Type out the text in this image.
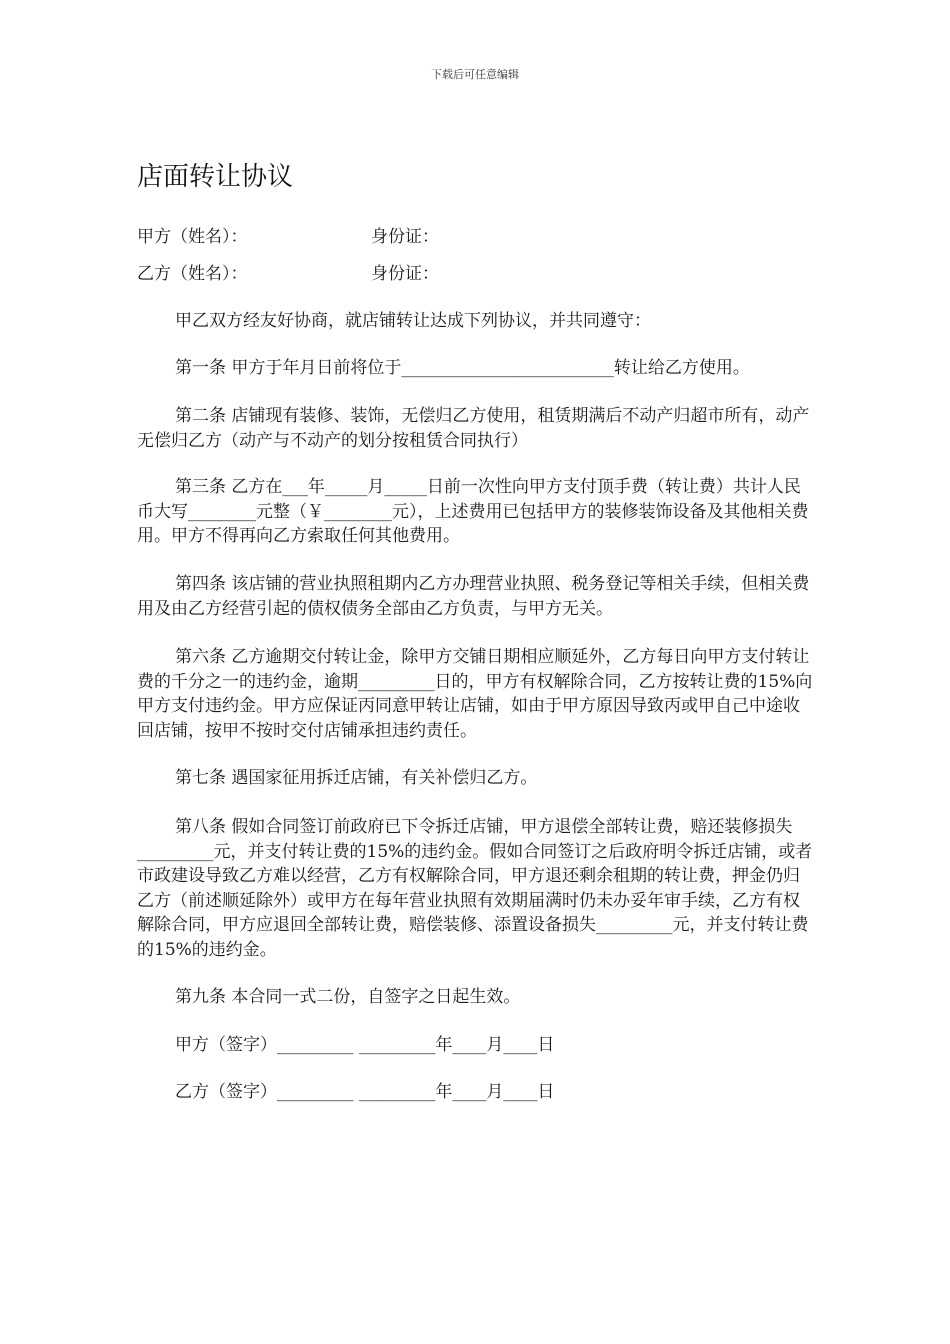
下载后可任意编辑
店面转让协议
甲方（姓名）：	身份证：
乙方（姓名）：	身份证：

甲乙双方经友好协商，就店铺转让达成下列协议，并共同遵守：

第一条 甲方于年月日前将位于_________________________转让给乙方使用。

第二条 店铺现有装修、装饰，无偿归乙方使用，租赁期满后不动产归超市所有，动产无偿归乙方（动产与不动产的划分按租赁合同执行）

第三条 乙方在___年_____月_____日前一次性向甲方支付顶手费（转让费）共计人民币大写________元整（￥________元），上述费用已包括甲方的装修装饰设备及其他相关费用。甲方不得再向乙方索取任何其他费用。

第四条 该店铺的营业执照租期内乙方办理营业执照、税务登记等相关手续，但相关费用及由乙方经营引起的债权债务全部由乙方负责，与甲方无关。

第六条 乙方逾期交付转让金，除甲方交铺日期相应顺延外，乙方每日向甲方支付转让费的千分之一的违约金，逾期_________日的，甲方有权解除合同，乙方按转让费的15%向甲方支付违约金。甲方应保证丙同意甲转让店铺，如由于甲方原因导致丙或甲自己中途收回店铺，按甲不按时交付店铺承担违约责任。

第七条 遇国家征用拆迁店铺，有关补偿归乙方。

第八条 假如合同签订前政府已下令拆迁店铺，甲方退偿全部转让费，赔还装修损失_________元，并支付转让费的15%的违约金。假如合同签订之后政府明令拆迁店铺，或者市政建设导致乙方难以经营，乙方有权解除合同，甲方退还剩余租期的转让费，押金仍归乙方（前述顺延除外）或甲方在每年营业执照有效期届满时仍未办妥年审手续，乙方有权解除合同，甲方应退回全部转让费，赔偿装修、添置设备损失_________元，并支付转让费的15%的违约金。

第九条 本合同一式二份，自签字之日起生效。

甲方（签字）_________ _________年____月____日
乙方（签字）_________ _________年____月____日
